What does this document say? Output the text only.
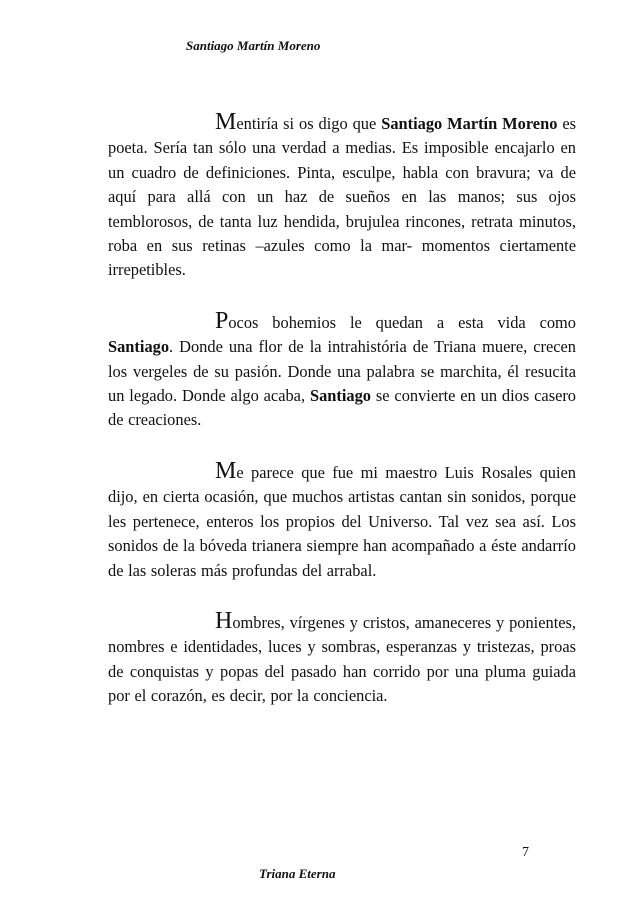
Santiago Martín Moreno

Mentiría si os digo que Santiago Martín Moreno es poeta. Sería tan sólo una verdad a medias. Es imposible encajarlo en un cuadro de definiciones. Pinta, esculpe, habla con bravura; va de aquí para allá con un haz de sueños en las manos; sus ojos temblorosos, de tanta luz hendida, brujulea rincones, retrata minutos, roba en sus retinas –azules como la mar- momentos ciertamente irrepetibles.

Pocos bohemios le quedan a esta vida como Santiago. Donde una flor de la intrahistória de Triana muere, crecen los vergeles de su pasión. Donde una palabra se marchita, él resucita un legado. Donde algo acaba, Santiago se convierte en un dios casero de creaciones.

Me parece que fue mi maestro Luis Rosales quien dijo, en cierta ocasión, que muchos artistas cantan sin sonidos, porque les pertenece, enteros los propios del Universo. Tal vez sea así. Los sonidos de la bóveda trianera siempre han acompañado a éste andarrío de las soleras más profundas del arrabal.

Hombres, vírgenes y cristos, amaneceres y ponientes, nombres e identidades, luces y sombras, esperanzas y tristezas, proas de conquistas y popas del pasado han corrido por una pluma guiada por el corazón, es decir, por la conciencia.

7
Triana Eterna
